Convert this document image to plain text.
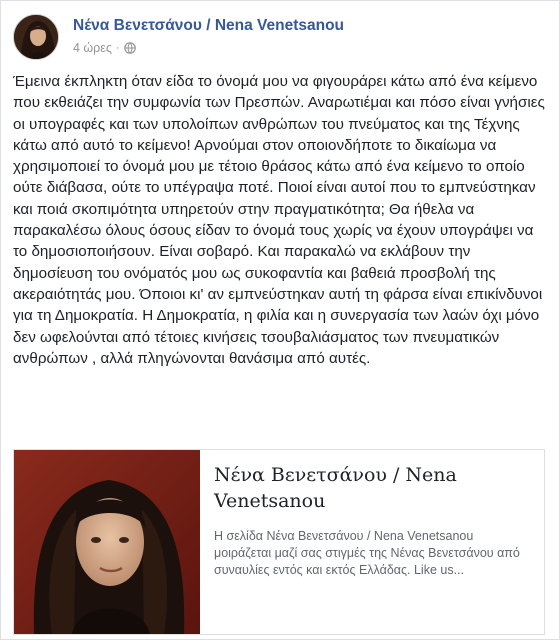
Νένα Βενετσάνου / Nena Venetsanou
4 ώρες ·
Έμεινα έκπληκτη όταν είδα το όνομά μου να φιγουράρει κάτω από ένα κείμενο που εκθειάζει την συμφωνία των Πρεσπών. Αναρωτιέμαι και πόσο είναι γνήσιες οι υπογραφές και των υπολοίπων ανθρώπων του πνεύματος και της Τέχνης κάτω από αυτό το κείμενο! Αρνούμαι στον οποιονδήποτε το δικαίωμα να χρησιμοποιεί το όνομά μου με τέτοιο θράσος κάτω από ένα κείμενο το οποίο ούτε διάβασα, ούτε το υπέγραψα ποτέ. Ποιοί είναι αυτοί που το εμπνεύστηκαν και ποιά σκοπιμότητα υπηρετούν στην πραγματικότητα; Θα ήθελα να παρακαλέσω όλους όσους είδαν το όνομά τους χωρίς να έχουν υπογράψει να το δημοσιοποιήσουν. Είναι σοβαρό. Και παρακαλώ να εκλάβουν την δημοσίευση του ονόματός μου ως συκοφαντία και βαθειά προσβολή της ακεραιότητάς μου. Όποιοι κι' αν εμπνεύστηκαν αυτή τη φάρσα είναι επικίνδυνοι για τη Δημοκρατία. Η Δημοκρατία, η φιλία και η συνεργασία των λαών όχι μόνο δεν ωφελούνται από τέτοιες κινήσεις τσουβαλιάσματος των πνευματικών ανθρώπων , αλλά πληγώνονται θανάσιμα από αυτές.
Νένα Βενετσάνου / Nena Venetsanou
Η σελίδα Νένα Βενετσάνου / Nena Venetsanou μοιράζεται μαζί σας στιγμές της Νένας Βενετσάνου από συναυλίες εντός και εκτός Ελλάδας. Like us...
